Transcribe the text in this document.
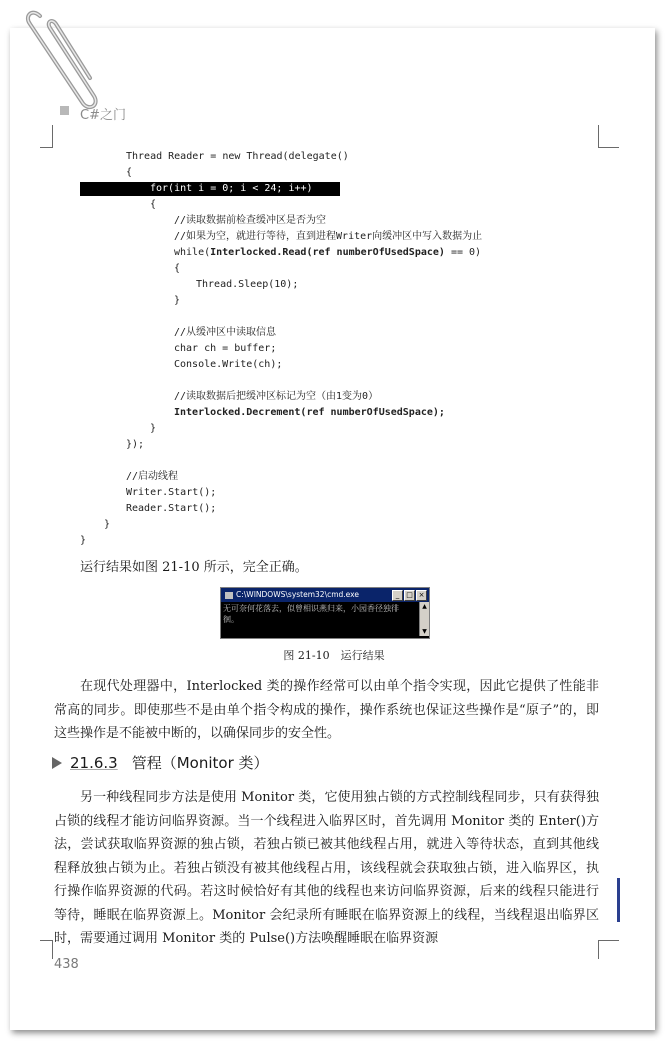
C#之门
Thread Reader = new Thread(delegate()
{
for(int i = 0; i < 24; i++)
{
//读取数据前检查缓冲区是否为空
//如果为空，就进行等待，直到进程Writer向缓冲区中写入数据为止
while(Interlocked.Read(ref numberOfUsedSpace) == 0)
{
Thread.Sleep(10);
}
//从缓冲区中读取信息
char ch = buffer;
Console.Write(ch);
//读取数据后把缓冲区标记为空（由1变为0）
Interlocked.Decrement(ref numberOfUsedSpace);
}
});
//启动线程
Writer.Start();
Reader.Start();
}
}
运行结果如图 21-10 所示，完全正确。
C:\WINDOWS\system32\cmd.exe	_ □ ×
无可奈何花落去，似曾相识燕归来，小园香径独徘徊。
▲
▼
图 21-10　运行结果
在现代处理器中，Interlocked 类的操作经常可以由单个指令实现，因此它提供了性能非常高的同步。即使那些不是由单个指令构成的操作，操作系统也保证这些操作是“原子”的，即这些操作是不能被中断的，以确保同步的安全性。
21.6.3 管程（Monitor 类）
另一种线程同步方法是使用 Monitor 类，它使用独占锁的方式控制线程同步，只有获得独占锁的线程才能访问临界资源。当一个线程进入临界区时，首先调用 Monitor 类的 Enter()方法，尝试获取临界资源的独占锁，若独占锁已被其他线程占用，就进入等待状态，直到其他线程释放独占锁为止。若独占锁没有被其他线程占用，该线程就会获取独占锁，进入临界区，执行操作临界资源的代码。若这时候恰好有其他的线程也来访问临界资源，后来的线程只能进行等待，睡眠在临界资源上。Monitor 会纪录所有睡眠在临界资源上的线程，当线程退出临界区时，需要通过调用 Monitor 类的 Pulse()方法唤醒睡眠在临界资源
438
